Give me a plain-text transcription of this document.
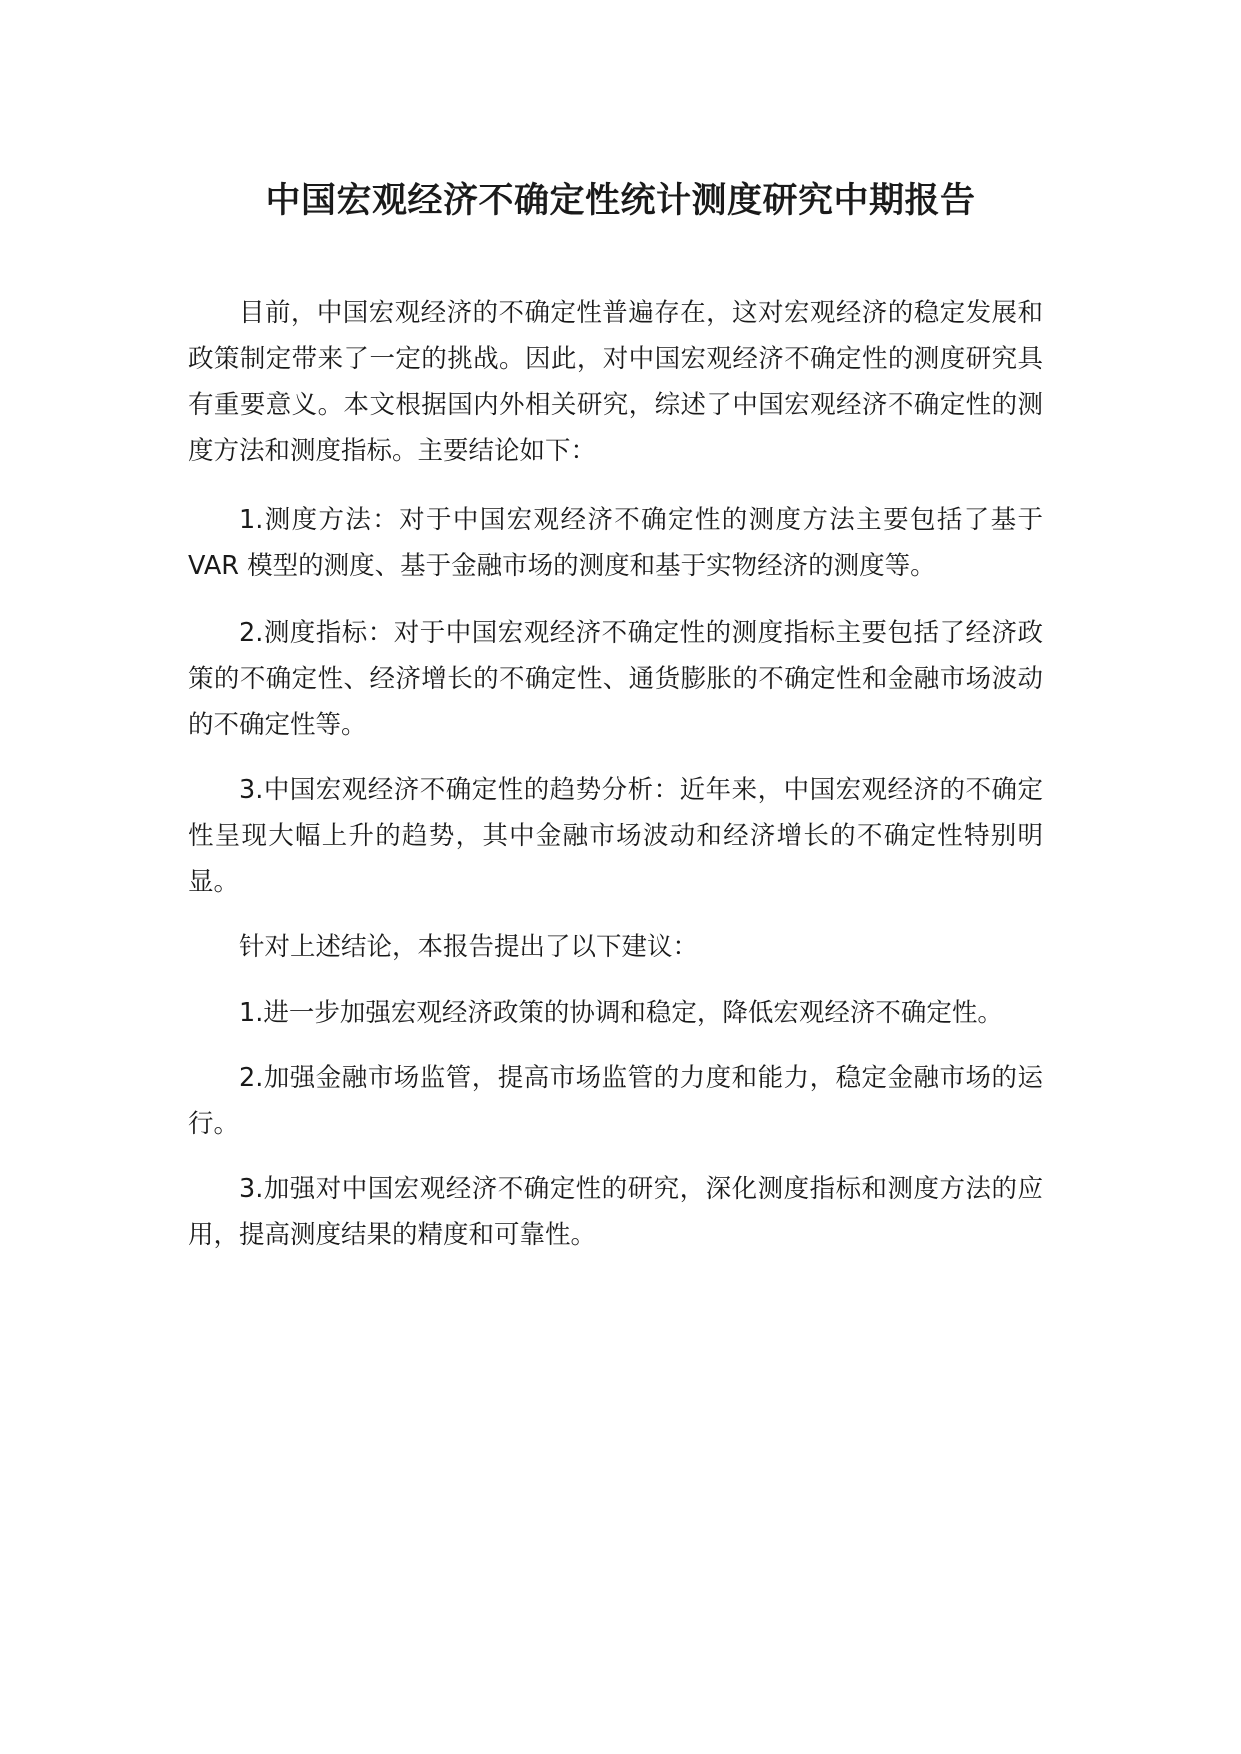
中国宏观经济不确定性统计测度研究中期报告

目前，中国宏观经济的不确定性普遍存在，这对宏观经济的稳定发展和政策制定带来了一定的挑战。因此，对中国宏观经济不确定性的测度研究具有重要意义。本文根据国内外相关研究，综述了中国宏观经济不确定性的测度方法和测度指标。主要结论如下：

1.测度方法：对于中国宏观经济不确定性的测度方法主要包括了基于 VAR 模型的测度、基于金融市场的测度和基于实物经济的测度等。

2.测度指标：对于中国宏观经济不确定性的测度指标主要包括了经济政策的不确定性、经济增长的不确定性、通货膨胀的不确定性和金融市场波动的不确定性等。

3.中国宏观经济不确定性的趋势分析：近年来，中国宏观经济的不确定性呈现大幅上升的趋势，其中金融市场波动和经济增长的不确定性特别明显。

针对上述结论，本报告提出了以下建议：

1.进一步加强宏观经济政策的协调和稳定，降低宏观经济不确定性。

2.加强金融市场监管，提高市场监管的力度和能力，稳定金融市场的运行。

3.加强对中国宏观经济不确定性的研究，深化测度指标和测度方法的应用，提高测度结果的精度和可靠性。
